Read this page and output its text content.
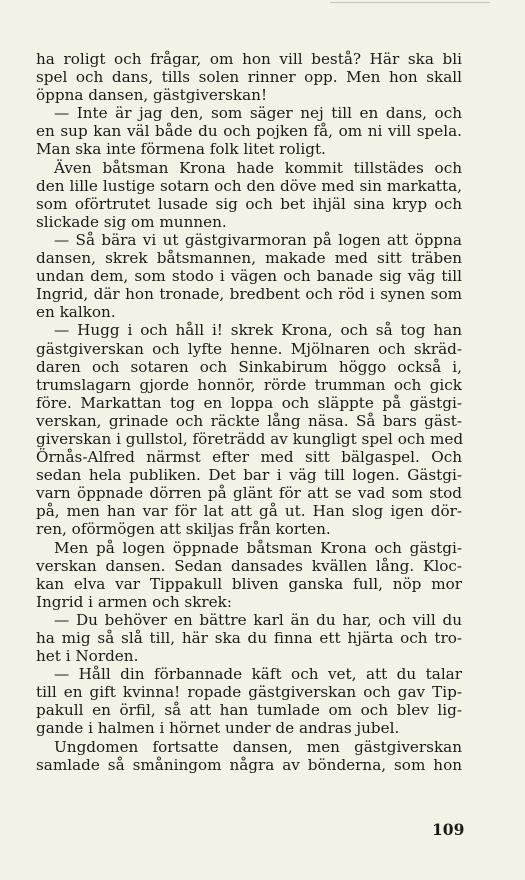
ha roligt och frågar, om hon vill bestå? Här ska bli
spel och dans, tills solen rinner opp. Men hon skall
öppna dansen, gästgiverskan!
— Inte är jag den, som säger nej till en dans, och
en sup kan väl både du och pojken få, om ni vill spela.
Man ska inte förmena folk litet roligt.
Även båtsman Krona hade kommit tillstädes och
den lille lustige sotarn och den döve med sin markatta,
som oförtrutet lusade sig och bet ihjäl sina kryp och
slickade sig om munnen.
— Så bära vi ut gästgivarmoran på logen att öppna
dansen, skrek båtsmannen, makade med sitt träben
undan dem, som stodo i vägen och banade sig väg till
Ingrid, där hon tronade, bredbent och röd i synen som
en kalkon.
— Hugg i och håll i! skrek Krona, och så tog han
gästgiverskan och lyfte henne. Mjölnaren och skräd-
daren och sotaren och Sinkabirum höggo också i,
trumslagarn gjorde honnör, rörde trumman och gick
före. Markattan tog en loppa och släppte på gästgi-
verskan, grinade och räckte lång näsa. Så bars gäst-
giverskan i gullstol, företrädd av kungligt spel och med
Örnås-Alfred närmst efter med sitt bälgaspel. Och
sedan hela publiken. Det bar i väg till logen. Gästgi-
varn öppnade dörren på glänt för att se vad som stod
på, men han var för lat att gå ut. Han slog igen dör-
ren, oförmögen att skiljas från korten.
Men på logen öppnade båtsman Krona och gästgi-
verskan dansen. Sedan dansades kvällen lång. Kloc-
kan elva var Tippakull bliven ganska full, nöp mor
Ingrid i armen och skrek:
— Du behöver en bättre karl än du har, och vill du
ha mig så slå till, här ska du finna ett hjärta och tro-
het i Norden.
— Håll din förbannade käft och vet, att du talar
till en gift kvinna! ropade gästgiverskan och gav Tip-
pakull en örfil, så att han tumlade om och blev lig-
gande i halmen i hörnet under de andras jubel.
Ungdomen fortsatte dansen, men gästgiverskan
samlade så småningom några av bönderna, som hon
109
